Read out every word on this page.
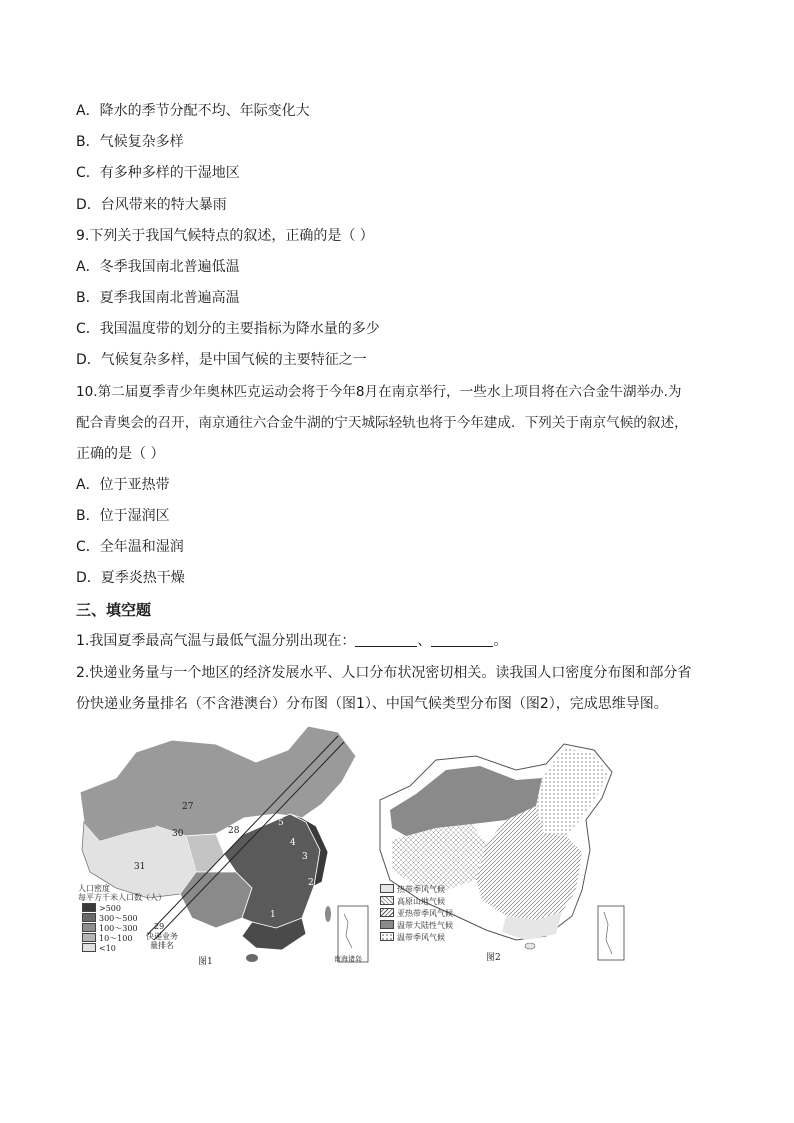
A．降水的季节分配不均、年际变化大
B．气候复杂多样
C．有多种多样的干湿地区
D．台风带来的特大暴雨
9.下列关于我国气候特点的叙述，正确的是（ ）
A．冬季我国南北普遍低温
B．夏季我国南北普遍高温
C．我国温度带的划分的主要指标为降水量的多少
D．气候复杂多样，是中国气候的主要特征之一
10.第二届夏季青少年奥林匹克运动会将于今年8月在南京举行，一些水上项目将在六合金牛湖举办.为
配合青奥会的召开，南京通往六合金牛湖的宁天城际轻轨也将于今年建成．下列关于南京气候的叙述，
正确的是（ ）
A．位于亚热带
B．位于湿润区
C．全年温和湿润
D．夏季炎热干燥
三、填空题
1.我国夏季最高气温与最低气温分别出现在：	、	。
2.快递业务量与一个地区的经济发展水平、人口分布状况密切相关。读我国人口密度分布图和部分省
份快递业务量排名（不含港澳台）分布图（图1）、中国气候类型分布图（图2），完成思维导图。
27
30
31
28
5
4
3
2
1
南海诸岛
人口密度
每平方千米人口数（人）
>500
300～500
100～300
10～100
<10
29
快递业务
量排名
图1
热带季风气候
高原山地气候
亚热带季风气候
温带大陆性气候
温带季风气候
图2
